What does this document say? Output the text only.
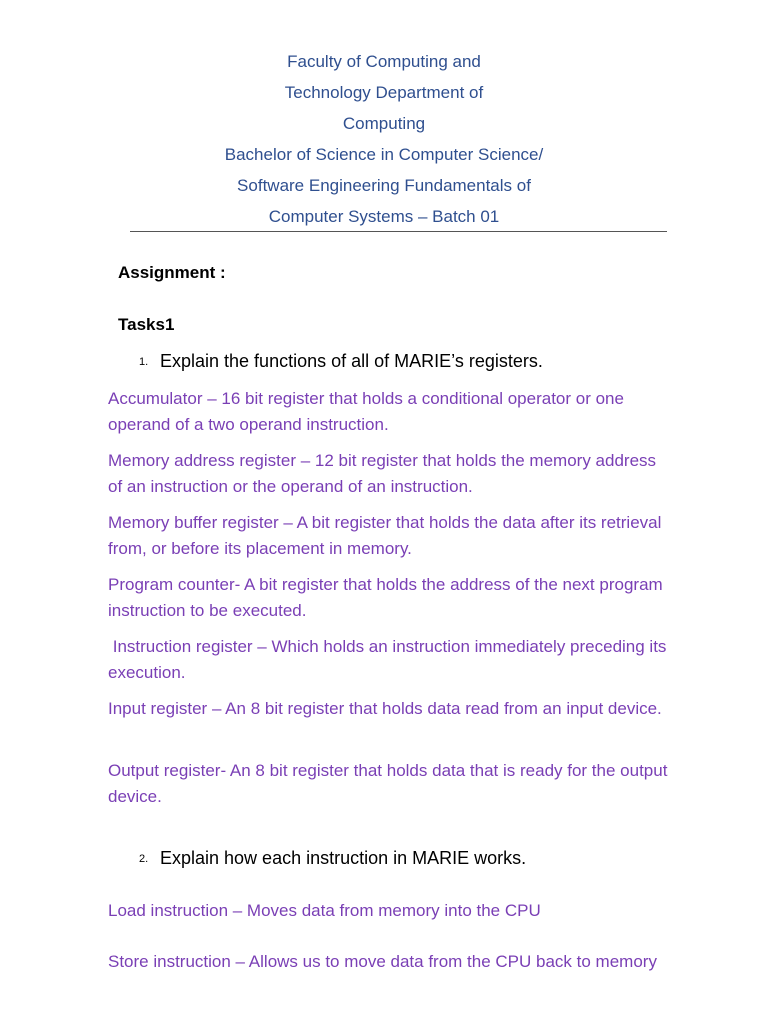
Faculty of Computing and
Technology Department of
Computing
Bachelor of Science in Computer Science/
Software Engineering Fundamentals of
Computer Systems – Batch 01
Assignment :
Tasks1
1. Explain the functions of all of MARIE’s registers.
Accumulator – 16 bit register that holds a conditional operator or one operand of a two operand instruction.
Memory address register – 12 bit register that holds the memory address of an instruction or the operand of an instruction.
Memory buffer register – A bit register that holds the data after its retrieval from, or before its placement in memory.
Program counter- A bit register that holds the address of the next program instruction to be executed.
Instruction register – Which holds an instruction immediately preceding its execution.
Input register – An 8 bit register that holds data read from an input device.
Output register- An 8 bit register that holds data that is ready for the output device.
2. Explain how each instruction in MARIE works.
Load instruction – Moves data from memory into the CPU
Store instruction – Allows us to move data from the CPU back to memory
